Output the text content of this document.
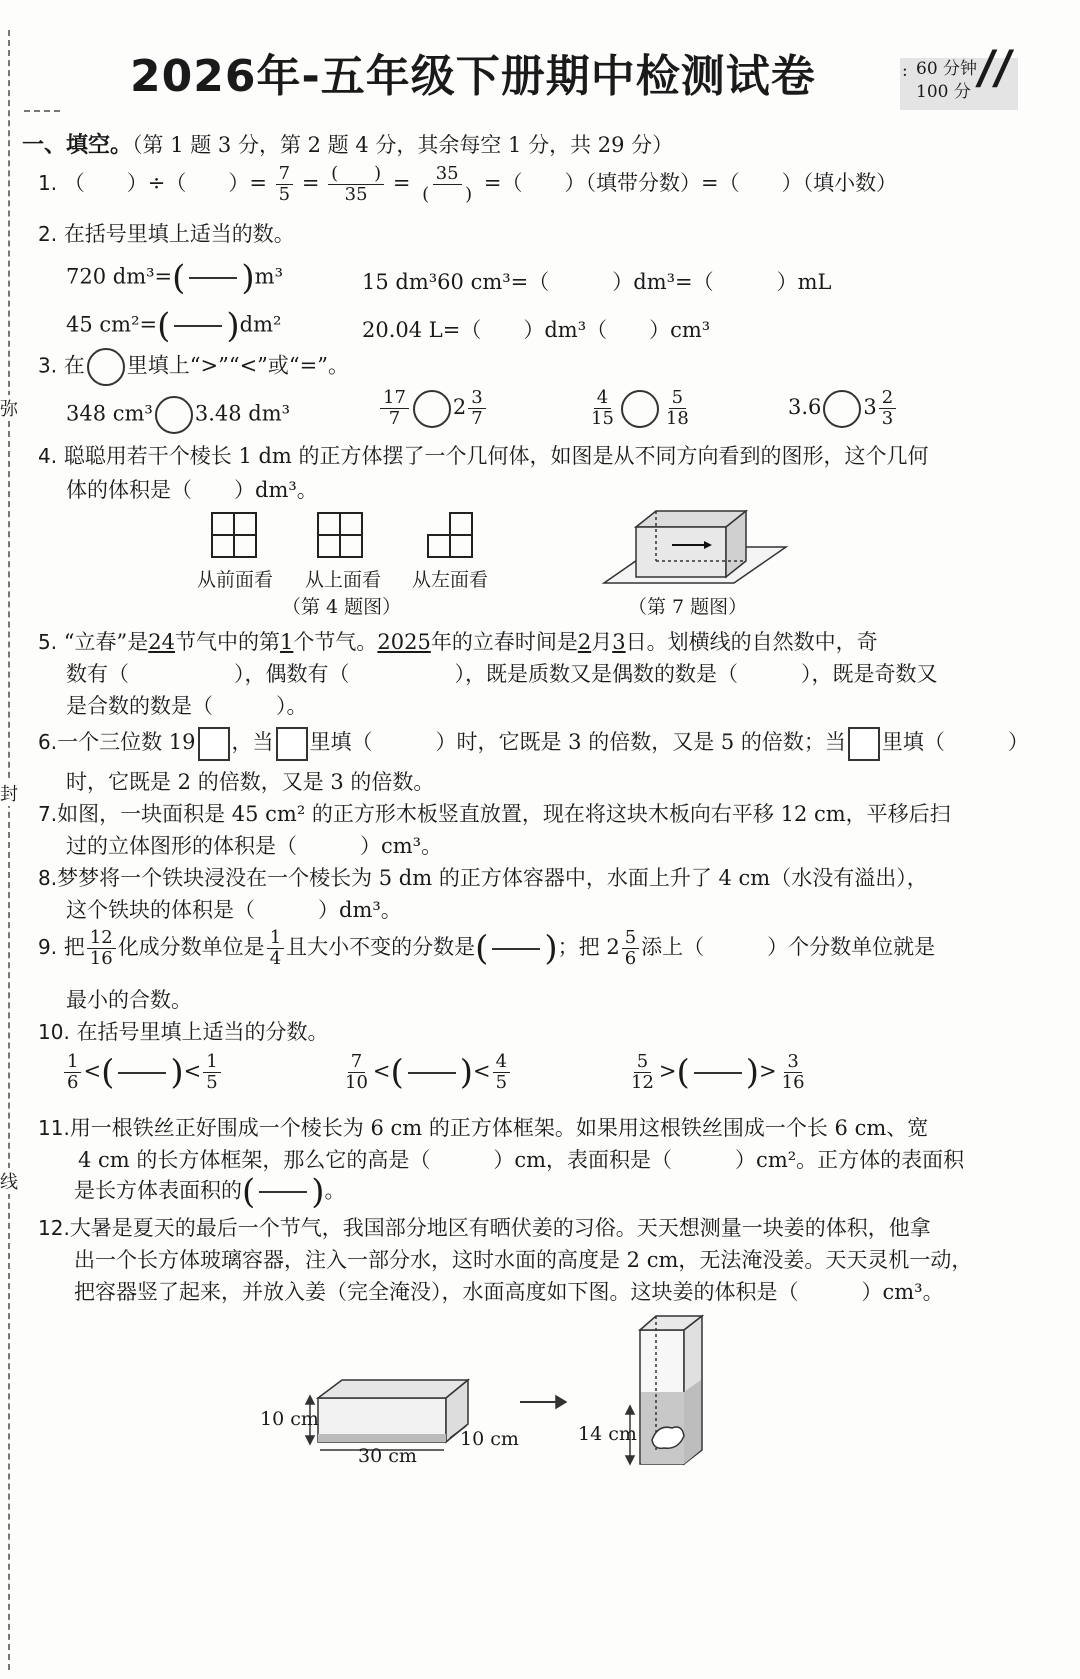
弥
封
线
2026年-五年级下册期中检测试卷	: 60 分钟
100 分 //
一、填空。（第 1 题 3 分，第 2 题 4 分，其余每空 1 分，共 29 分）
1. （　　）÷（　　）= $\frac{7}{5} = \frac{( )}{35} = \frac{35}{( )}$ =（　　）（填带分数）=（　　）（填小数）
2. 在括号里填上适当的数。
720 dm³=( )m³	15 dm³60 cm³=（　　　）dm³=（　　　）mL
45 cm²=( )dm²	20.04 L=（　　）dm³（　　）cm³
3. 在 里填上“>”“<”或“=”。
348 cm³ 3.48 dm³	$\frac{17}{7} 2 \frac{3}{7}$	$\frac{4}{15}$	$\frac{5}{18}$	3.6 $3 \frac{2}{3}$
4. 聪聪用若干个棱长 1 dm 的正方体摆了一个几何体，如图是从不同方向看到的图形，这个几何
体的体积是（　　）dm³。
从前面看 从上面看 从左面看
（第 4 题图）	（第 7 题图）
5. “立春”是24节气中的第1个节气。2025年的立春时间是2月3日。划横线的自然数中，奇
数有（　　　　　），偶数有（　　　　　），既是质数又是偶数的数是（　　　），既是奇数又
是合数的数是（　　　）。
6.一个三位数 19 ，当 里填（　　　）时，它既是 3 的倍数，又是 5 的倍数；当 里填（　　　）
时，它既是 2 的倍数，又是 3 的倍数。
7.如图，一块面积是 45 cm² 的正方形木板竖直放置，现在将这块木板向右平移 12 cm，平移后扫
过的立体图形的体积是（　　　）cm³。
8.梦梦将一个铁块浸没在一个棱长为 5 dm 的正方体容器中，水面上升了 4 cm（水没有溢出），
这个铁块的体积是（　　　）dm³。
9. 把 $\frac{12}{16}$ 化成分数单位是 $\frac{1}{4}$ 且大小不变的分数是( )；把 $2 \frac{5}{6}$ 添上（　　　）个分数单位就是
最小的合数。
10. 在括号里填上适当的分数。
$\frac{1}{6}$ <( )< $\frac{1}{5}$	$\frac{7}{10}$ <( )< $\frac{4}{5}$	$\frac{5}{12}$ >( )> $\frac{3}{16}$
11.用一根铁丝正好围成一个棱长为 6 cm 的正方体框架。如果用这根铁丝围成一个长 6 cm、宽
4 cm 的长方体框架，那么它的高是（　　　）cm，表面积是（　　　）cm²。正方体的表面积
是长方体表面积的( )。
12.大暑是夏天的最后一个节气，我国部分地区有晒伏姜的习俗。天天想测量一块姜的体积，他拿
出一个长方体玻璃容器，注入一部分水，这时水面的高度是 2 cm，无法淹没姜。天天灵机一动，
把容器竖了起来，并放入姜（完全淹没），水面高度如下图。这块姜的体积是（　　　）cm³。
10 cm
30 cm
10 cm	14 cm
